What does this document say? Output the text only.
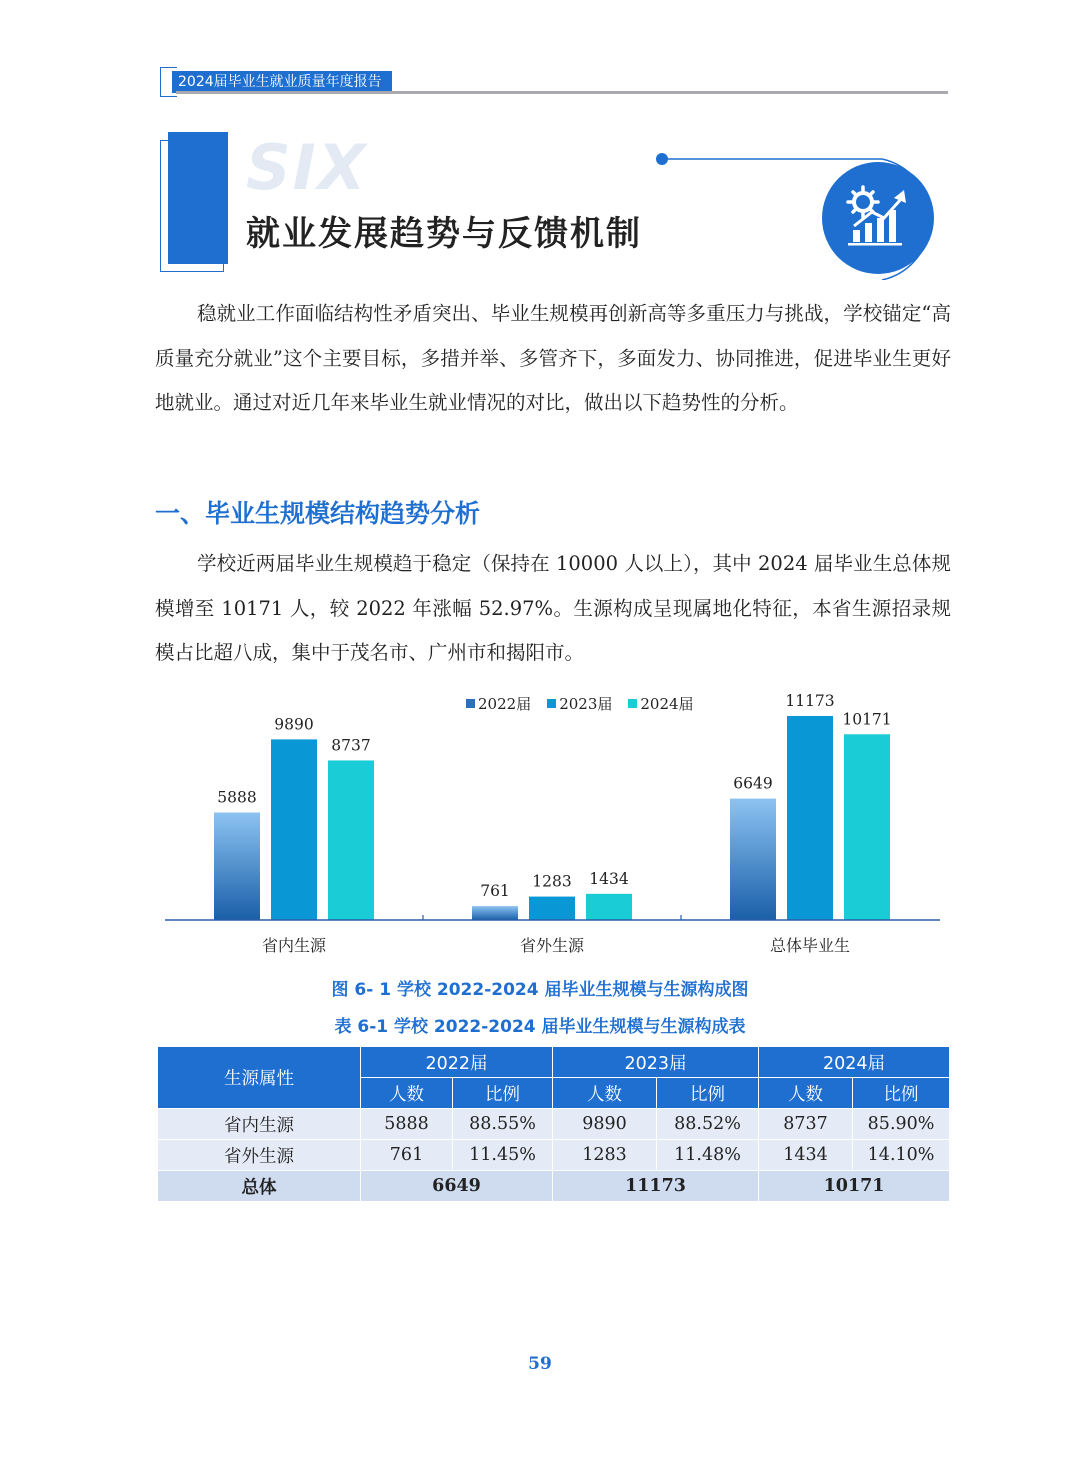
2024届毕业生就业质量年度报告
SIX
就业发展趋势与反馈机制

稳就业工作面临结构性矛盾突出、毕业生规模再创新高等多重压力与挑战，学校锚定“高质量充分就业”这个主要目标，多措并举、多管齐下，多面发力、协同推进，促进毕业生更好地就业。通过对近几年来毕业生就业情况的对比，做出以下趋势性的分析。

一、毕业生规模结构趋势分析

学校近两届毕业生规模趋于稳定（保持在 10000 人以上），其中 2024 届毕业生总体规模增至 10171 人，较 2022 年涨幅 52.97%。生源构成呈现属地化特征，本省生源招录规模占比超八成，集中于茂名市、广州市和揭阳市。

2022届 2023届 2024届
5888
9890
8737
省内生源
761
1283 1434
省外生源
6649
11173
10171
总体毕业生
图 6- 1 学校 2022-2024 届毕业生规模与生源构成图
表 6-1 学校 2022-2024 届毕业生规模与生源构成表
生源属性	2022届		2023届		2024届	
	人数	比例	人数	比例	人数	比例
省内生源	5888	88.55%	9890	88.52%	8737	85.90%
省外生源	761	11.45%	1283	11.48%	1434	14.10%
总体	6649		11173		10171	
59
